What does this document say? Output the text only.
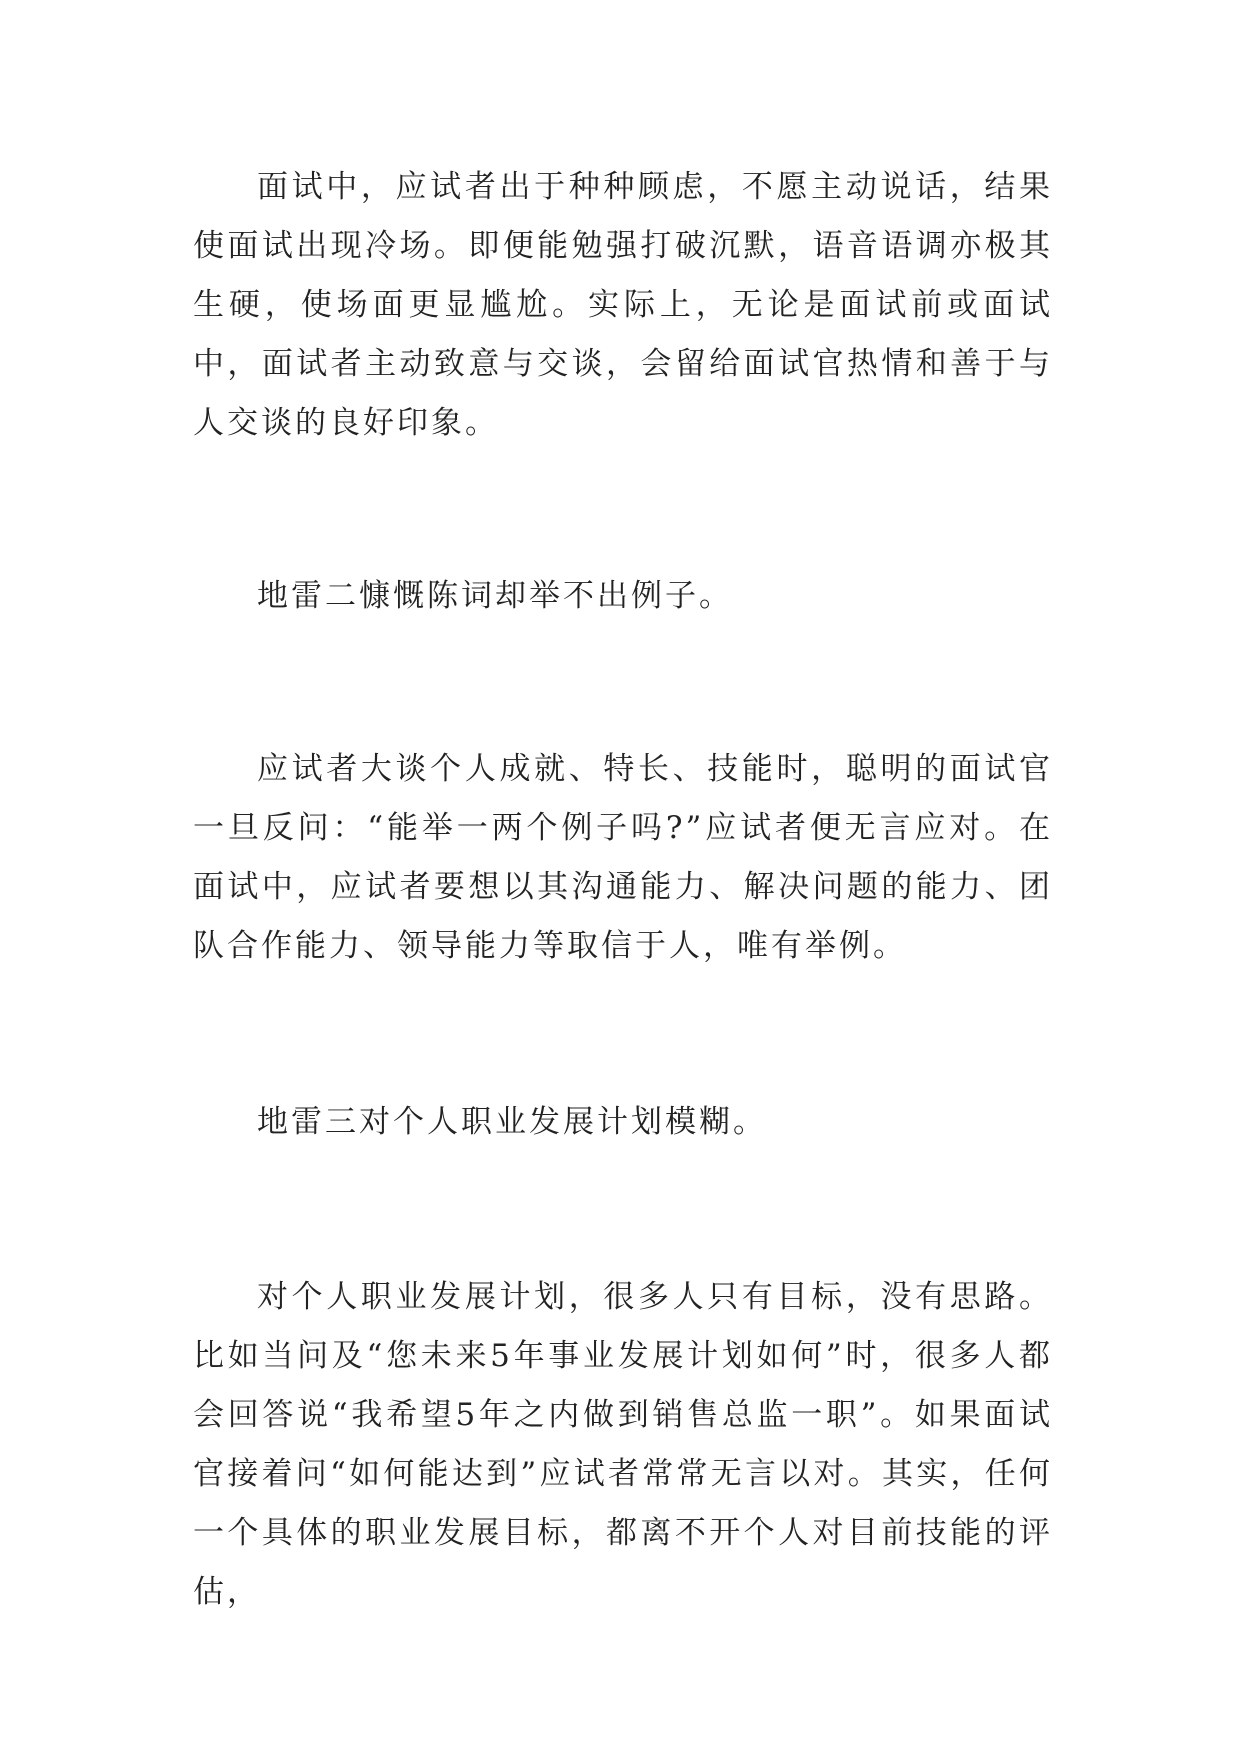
面试中，应试者出于种种顾虑，不愿主动说话，结果使面试出现冷场。即便能勉强打破沉默，语音语调亦极其生硬，使场面更显尴尬。实际上，无论是面试前或面试中，面试者主动致意与交谈，会留给面试官热情和善于与人交谈的良好印象。

地雷二慷慨陈词却举不出例子。

应试者大谈个人成就、特长、技能时，聪明的面试官一旦反问：“能举一两个例子吗?”应试者便无言应对。在面试中，应试者要想以其沟通能力、解决问题的能力、团队合作能力、领导能力等取信于人，唯有举例。

地雷三对个人职业发展计划模糊。

对个人职业发展计划，很多人只有目标，没有思路。比如当问及“您未来5年事业发展计划如何”时，很多人都会回答说“我希望5年之内做到销售总监一职”。如果面试官接着问“如何能达到”应试者常常无言以对。其实，任何一个具体的职业发展目标，都离不开个人对目前技能的评估，
